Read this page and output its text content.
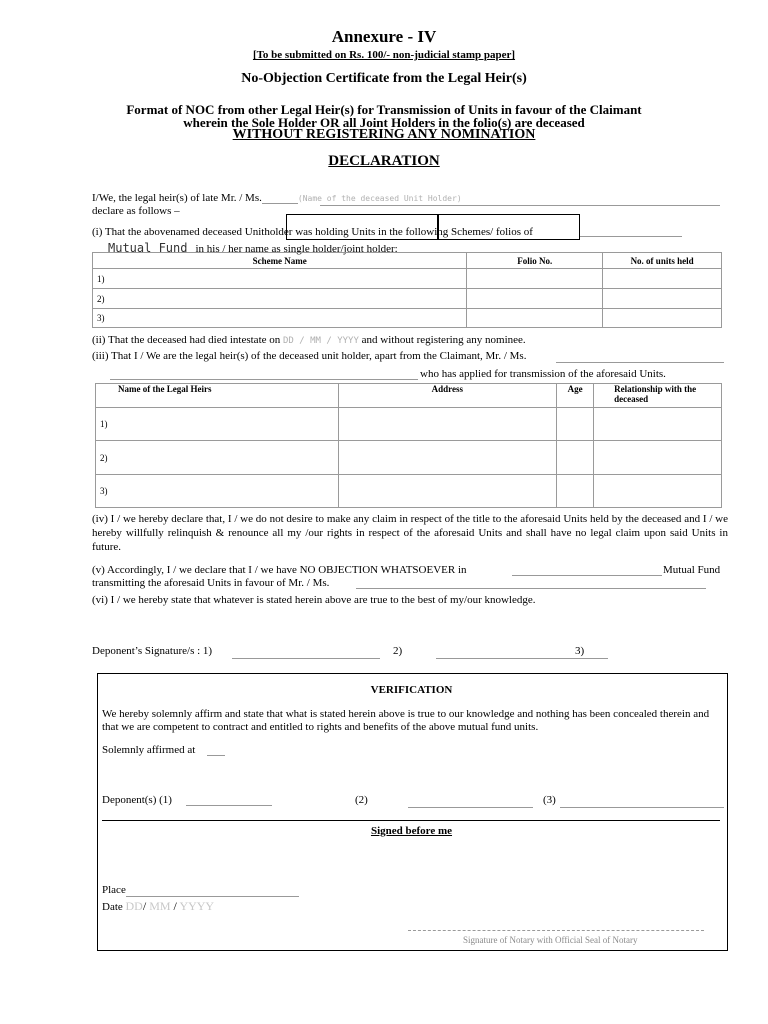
Annexure - IV
[To be submitted on Rs. 100/- non-judicial stamp paper]
No-Objection Certificate from the Legal Heir(s)
Format of NOC from other Legal Heir(s) for Transmission of Units in favour of the Claimant
wherein the Sole Holder OR all Joint Holders in the folio(s) are deceased
WITHOUT REGISTERING ANY NOMINATION
DECLARATION
I/We, the legal heir(s) of late Mr. / Ms.	(Name of the deceased Unit Holder)
declare as follows –
(i) That the abovenamed deceased Unitholder was holding Units in the following Schemes/ folios of
Mutual Fund in his / her name as single holder/joint holder:
Scheme Name	Folio No.	No. of units held
1)		
2)		
3)		
(ii) That the deceased had died intestate on DD / MM / YYYY and without registering any nominee.
(iii) That I / We are the legal heir(s) of the deceased unit holder, apart from the Claimant, Mr. / Ms.
who has applied for transmission of the aforesaid Units.
Name of the Legal Heirs	Address	Age	Relationship with the deceased
1)			
2)			
3)			
(iv) I / we hereby declare that, I / we do not desire to make any claim in respect of the title to the aforesaid Units held by the deceased and I / we hereby willfully relinquish & renounce all my /our rights in respect of the aforesaid Units and shall have no legal claim upon said Units in future.
(v) Accordingly, I / we declare that I / we have NO OBJECTION WHATSOEVER in	Mutual Fund
transmitting the aforesaid Units in favour of Mr. / Ms.
(vi) I / we hereby state that whatever is stated herein above are true to the best of my/our knowledge.
Deponent’s Signature/s : 1)	2)	3)
VERIFICATION
We hereby solemnly affirm and state that what is stated herein above is true to our knowledge and nothing has been concealed therein and that we are competent to contract and entitled to rights and benefits of the above mutual fund units.
Solemnly affirmed at
Deponent(s) (1)	(2)	(3)
Signed before me
Place
Date DD/ MM / YYYY
Signature of Notary with Official Seal of Notary
